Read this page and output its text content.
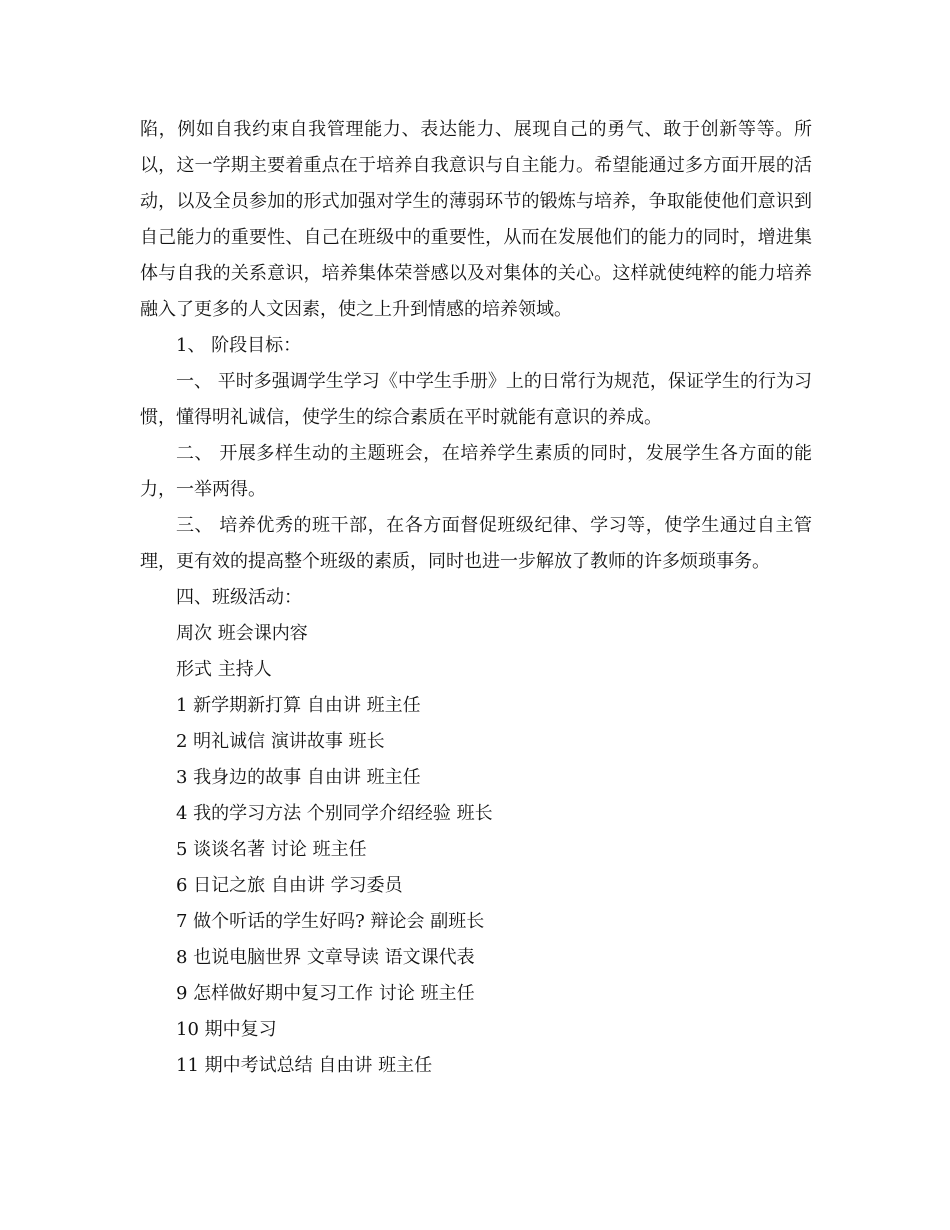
陷，例如自我约束自我管理能力、表达能力、展现自己的勇气、敢于创新等等。所以，这一学期主要着重点在于培养自我意识与自主能力。希望能通过多方面开展的活动，以及全员参加的形式加强对学生的薄弱环节的锻炼与培养，争取能使他们意识到自己能力的重要性、自己在班级中的重要性，从而在发展他们的能力的同时，增进集体与自我的关系意识，培养集体荣誉感以及对集体的关心。这样就使纯粹的能力培养融入了更多的人文因素，使之上升到情感的培养领域。

1、 阶段目标：

一、 平时多强调学生学习《中学生手册》上的日常行为规范，保证学生的行为习惯，懂得明礼诚信，使学生的综合素质在平时就能有意识的养成。

二、 开展多样生动的主题班会，在培养学生素质的同时，发展学生各方面的能力，一举两得。

三、 培养优秀的班干部，在各方面督促班级纪律、学习等，使学生通过自主管理，更有效的提高整个班级的素质，同时也进一步解放了教师的许多烦琐事务。

四、班级活动：

周次 班会课内容

形式 主持人

1 新学期新打算 自由讲 班主任

2 明礼诚信 演讲故事 班长

3 我身边的故事 自由讲 班主任

4 我的学习方法 个别同学介绍经验 班长

5 谈谈名著 讨论 班主任

6 日记之旅 自由讲 学习委员

7 做个听话的学生好吗? 辩论会 副班长

8 也说电脑世界 文章导读 语文课代表

9 怎样做好期中复习工作 讨论 班主任

10 期中复习

11 期中考试总结 自由讲 班主任
